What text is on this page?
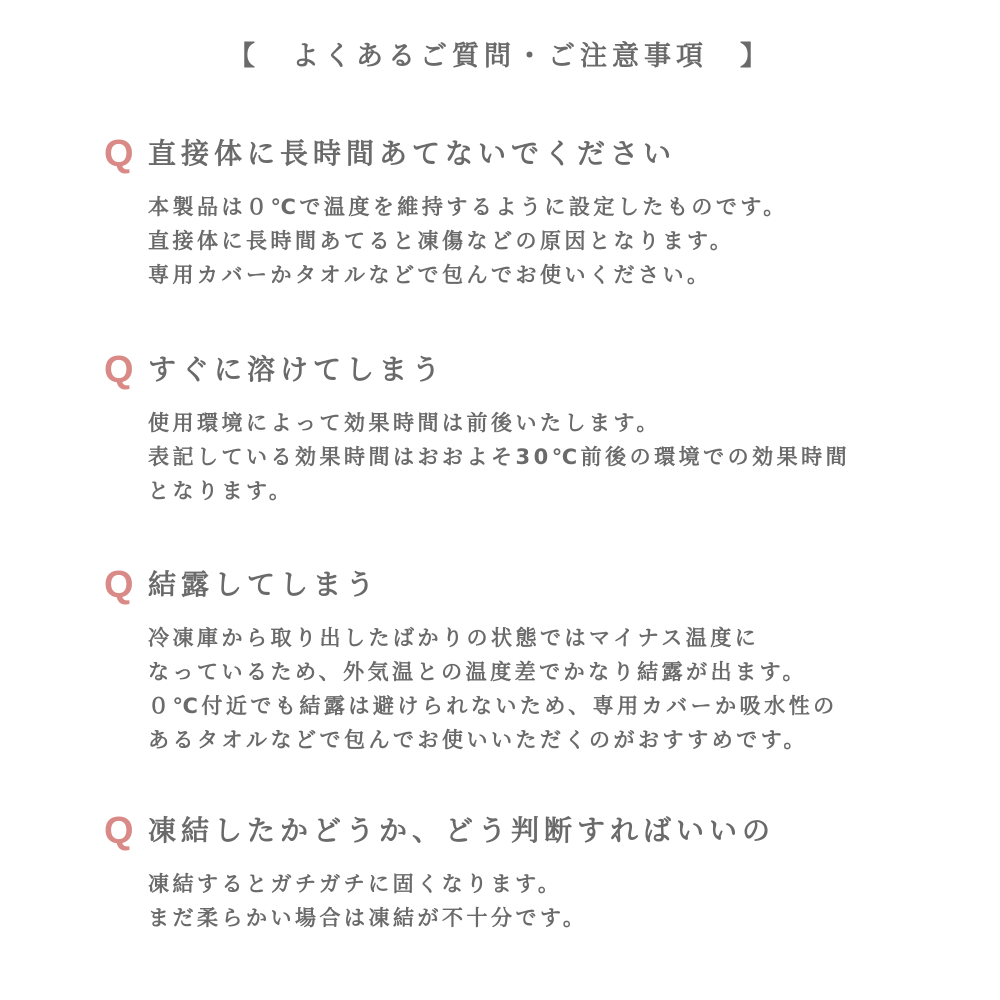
【　よくあるご質問・ご注意事項　】
Q 直接体に長時間あてないでください
本製品は０℃で温度を維持するように設定したものです。
直接体に長時間あてると凍傷などの原因となります。
専用カバーかタオルなどで包んでお使いください。
Q すぐに溶けてしまう
使用環境によって効果時間は前後いたします。
表記している効果時間はおおよそ30℃前後の環境での効果時間
となります。
Q 結露してしまう
冷凍庫から取り出したばかりの状態ではマイナス温度に
なっているため、外気温との温度差でかなり結露が出ます。
０℃付近でも結露は避けられないため、専用カバーか吸水性の
あるタオルなどで包んでお使いいただくのがおすすめです。
Q 凍結したかどうか、どう判断すればいいの
凍結するとガチガチに固くなります。
まだ柔らかい場合は凍結が不十分です。
